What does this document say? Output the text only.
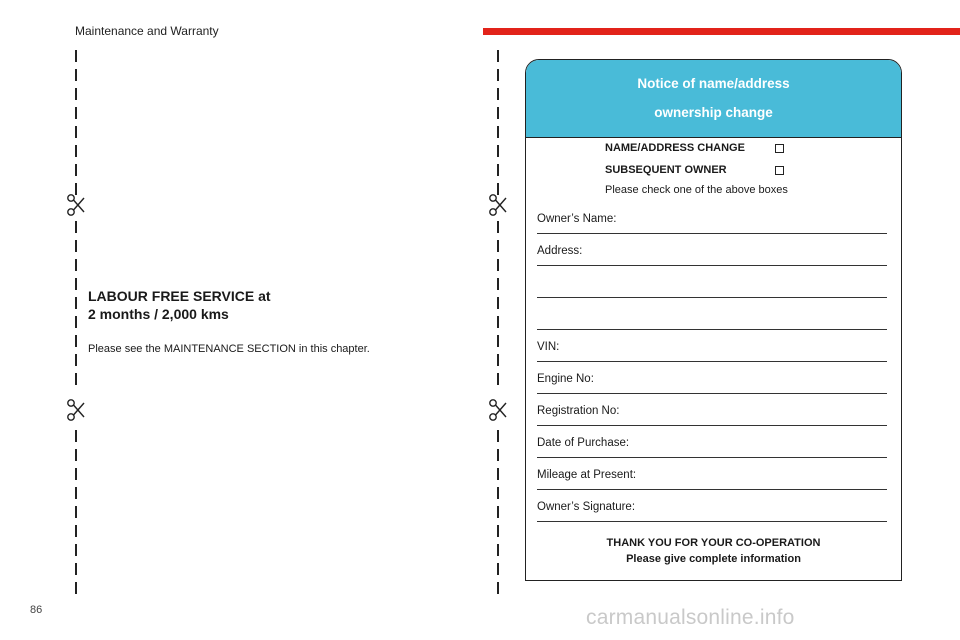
Maintenance and Warranty
LABOUR FREE SERVICE at
2 months / 2,000 kms
Please see the MAINTENANCE SECTION in this chapter.
Notice of name/address
ownership change
NAME/ADDRESS CHANGE
SUBSEQUENT OWNER
Please check one of the above boxes
Owner’s Name:
Address:
VIN:
Engine No:
Registration No:
Date of Purchase:
Mileage at Present:
Owner’s Signature:
THANK YOU FOR YOUR CO-OPERATION
Please give complete information
86	carmanualsonline.info
